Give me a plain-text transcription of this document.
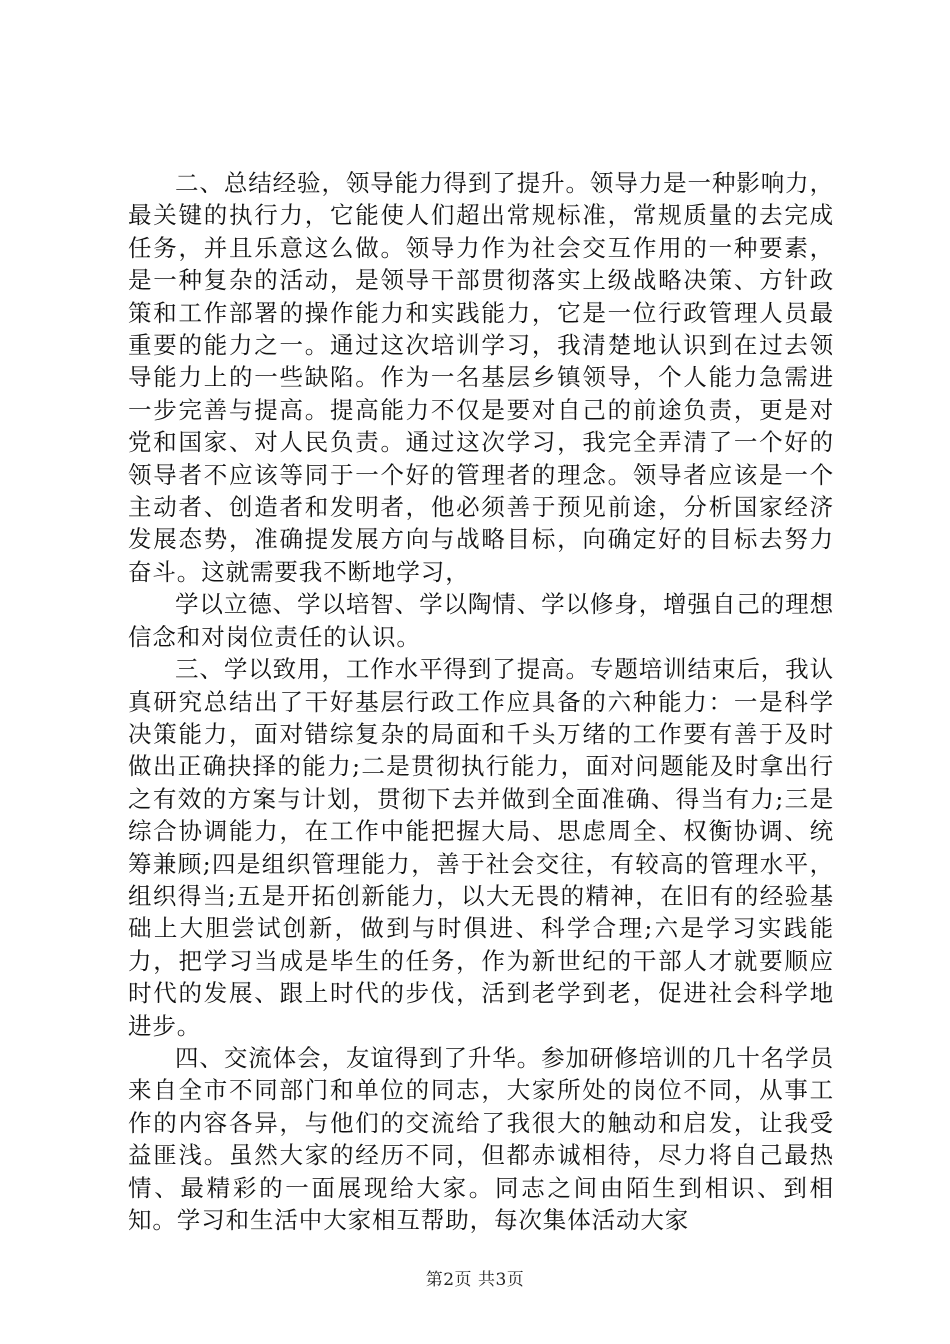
二、总结经验，领导能力得到了提升。领导力是一种影响力，最关键的执行力，它能使人们超出常规标准，常规质量的去完成任务，并且乐意这么做。领导力作为社会交互作用的一种要素，是一种复杂的活动，是领导干部贯彻落实上级战略决策、方针政策和工作部署的操作能力和实践能力，它是一位行政管理人员最重要的能力之一。通过这次培训学习，我清楚地认识到在过去领导能力上的一些缺陷。作为一名基层乡镇领导，个人能力急需进一步完善与提高。提高能力不仅是要对自己的前途负责，更是对党和国家、对人民负责。通过这次学习，我完全弄清了一个好的领导者不应该等同于一个好的管理者的理念。领导者应该是一个主动者、创造者和发明者，他必须善于预见前途，分析国家经济发展态势，准确提发展方向与战略目标，向确定好的目标去努力奋斗。这就需要我不断地学习，

学以立德、学以培智、学以陶情、学以修身，增强自己的理想信念和对岗位责任的认识。

三、学以致用，工作水平得到了提高。专题培训结束后，我认真研究总结出了干好基层行政工作应具备的六种能力：一是科学决策能力，面对错综复杂的局面和千头万绪的工作要有善于及时做出正确抉择的能力;二是贯彻执行能力，面对问题能及时拿出行之有效的方案与计划，贯彻下去并做到全面准确、得当有力;三是综合协调能力，在工作中能把握大局、思虑周全、权衡协调、统筹兼顾;四是组织管理能力，善于社会交往，有较高的管理水平，组织得当;五是开拓创新能力，以大无畏的精神，在旧有的经验基础上大胆尝试创新，做到与时俱进、科学合理;六是学习实践能力，把学习当成是毕生的任务，作为新世纪的干部人才就要顺应时代的发展、跟上时代的步伐，活到老学到老，促进社会科学地进步。

四、交流体会，友谊得到了升华。参加研修培训的几十名学员来自全市不同部门和单位的同志，大家所处的岗位不同，从事工作的内容各异，与他们的交流给了我很大的触动和启发，让我受益匪浅。虽然大家的经历不同，但都赤诚相待，尽力将自己最热情、最精彩的一面展现给大家。同志之间由陌生到相识、到相知。学习和生活中大家相互帮助，每次集体活动大家

第2页 共3页
